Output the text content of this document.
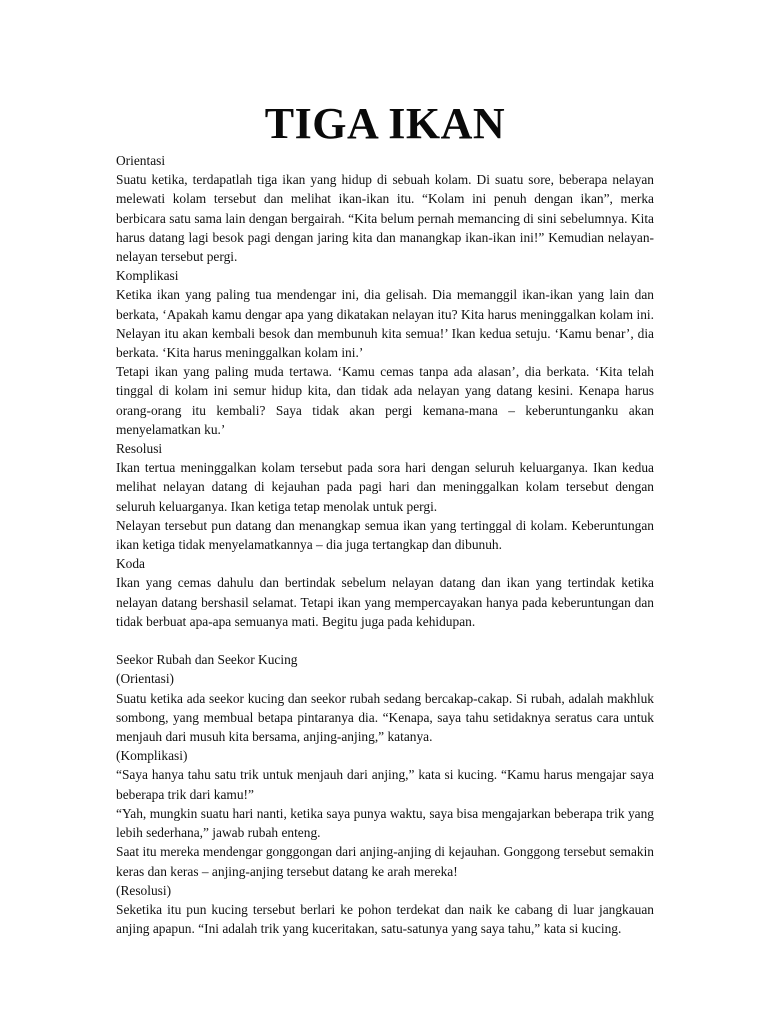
TIGA IKAN
Orientasi
Suatu ketika, terdapatlah tiga ikan yang hidup di sebuah kolam. Di suatu sore, beberapa nelayan melewati kolam tersebut dan melihat ikan-ikan itu. “Kolam ini penuh dengan ikan”, merka berbicara satu sama lain dengan bergairah. “Kita belum pernah memancing di sini sebelumnya. Kita harus datang lagi besok pagi dengan jaring kita dan manangkap ikan-ikan ini!” Kemudian nelayan-nelayan tersebut pergi.
Komplikasi
Ketika ikan yang paling tua mendengar ini, dia gelisah. Dia memanggil ikan-ikan yang lain dan berkata, ‘Apakah kamu dengar apa yang dikatakan nelayan itu? Kita harus meninggalkan kolam ini. Nelayan itu akan kembali besok dan membunuh kita semua!’ Ikan kedua setuju. ‘Kamu benar’, dia berkata. ‘Kita harus meninggalkan kolam ini.’
Tetapi ikan yang paling muda tertawa. ‘Kamu cemas tanpa ada alasan’, dia berkata. ‘Kita telah tinggal di kolam ini semur hidup kita, dan tidak ada nelayan yang datang kesini. Kenapa harus orang-orang itu kembali? Saya tidak akan pergi kemana-mana – keberuntunganku akan menyelamatkan ku.’
Resolusi
Ikan tertua meninggalkan kolam tersebut pada sora hari dengan seluruh keluarganya. Ikan kedua melihat nelayan datang di kejauhan pada pagi hari dan meninggalkan kolam tersebut dengan seluruh keluarganya. Ikan ketiga tetap menolak untuk pergi.
Nelayan tersebut pun datang dan menangkap semua ikan yang tertinggal di kolam. Keberuntungan ikan ketiga tidak menyelamatkannya – dia juga tertangkap dan dibunuh.
Koda
Ikan yang cemas dahulu dan bertindak sebelum nelayan datang dan ikan yang tertindak ketika nelayan datang bershasil selamat. Tetapi ikan yang mempercayakan hanya pada keberuntungan dan tidak berbuat apa-apa semuanya mati. Begitu juga pada kehidupan.
Seekor Rubah dan Seekor Kucing
(Orientasi)
Suatu ketika ada seekor kucing dan seekor rubah sedang bercakap-cakap. Si rubah, adalah makhluk sombong, yang membual betapa pintaranya dia. “Kenapa, saya tahu setidaknya seratus cara untuk menjauh dari musuh kita bersama, anjing-anjing,” katanya.
(Komplikasi)
“Saya hanya tahu satu trik untuk menjauh dari anjing,” kata si kucing. “Kamu harus mengajar saya beberapa trik dari kamu!”
“Yah, mungkin suatu hari nanti, ketika saya punya waktu, saya bisa mengajarkan beberapa trik yang lebih sederhana,” jawab rubah enteng.
Saat itu mereka mendengar gonggongan dari anjing-anjing di kejauhan. Gonggong tersebut semakin keras dan keras – anjing-anjing tersebut datang ke arah mereka!
(Resolusi)
Seketika itu pun kucing tersebut berlari ke pohon terdekat dan naik ke cabang di luar jangkauan anjing apapun. “Ini adalah trik yang kuceritakan, satu-satunya yang saya tahu,” kata si kucing.
